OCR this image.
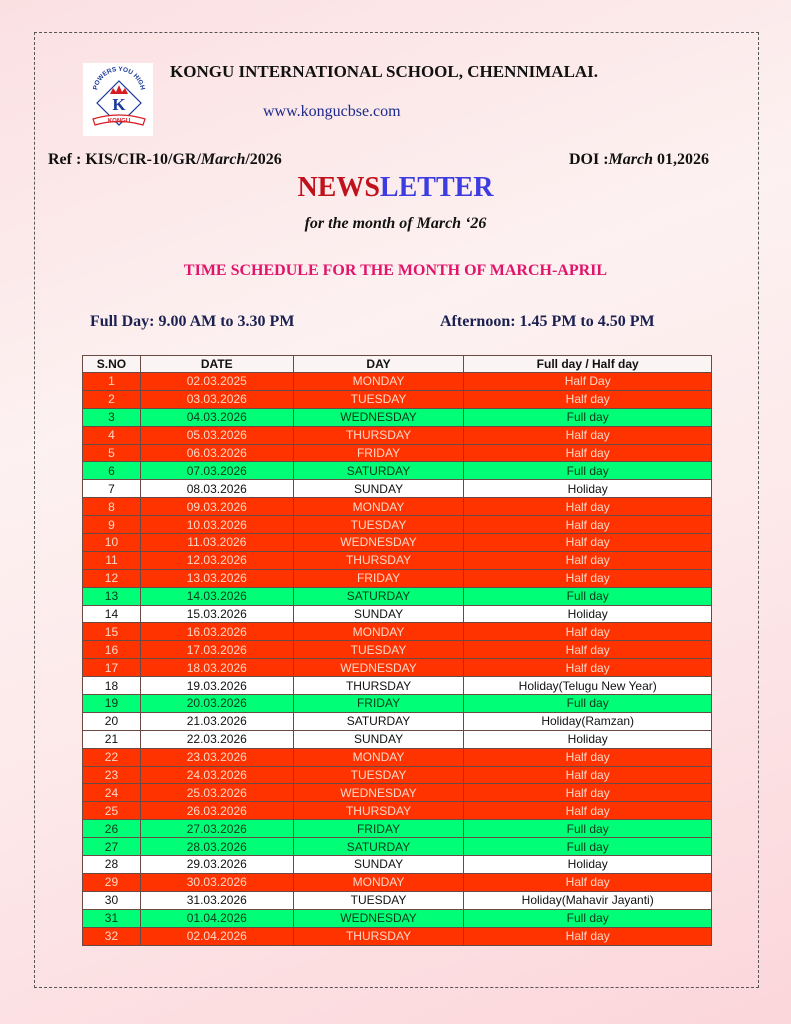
POWERS YOU HIGH
K
KONGU
KONGU INTERNATIONAL SCHOOL, CHENNIMALAI.
www.kongucbse.com
Ref : KIS/CIR-10/GR/March/2026	DOI :March 01,2026
NEWSLETTER
for the month of March ‘26
TIME SCHEDULE FOR THE MONTH OF MARCH-APRIL
Full Day: 9.00 AM to 3.30 PM	Afternoon: 1.45 PM to 4.50 PM
S.NO	DATE	DAY	Full day / Half day
1	02.03.2025	MONDAY	Half Day
2	03.03.2026	TUESDAY	Half day
3	04.03.2026	WEDNESDAY	Full day
4	05.03.2026	THURSDAY	Half day
5	06.03.2026	FRIDAY	Half day
6	07.03.2026	SATURDAY	Full day
7	08.03.2026	SUNDAY	Holiday
8	09.03.2026	MONDAY	Half day
9	10.03.2026	TUESDAY	Half day
10	11.03.2026	WEDNESDAY	Half day
11	12.03.2026	THURSDAY	Half day
12	13.03.2026	FRIDAY	Half day
13	14.03.2026	SATURDAY	Full day
14	15.03.2026	SUNDAY	Holiday
15	16.03.2026	MONDAY	Half day
16	17.03.2026	TUESDAY	Half day
17	18.03.2026	WEDNESDAY	Half day
18	19.03.2026	THURSDAY	Holiday(Telugu New Year)
19	20.03.2026	FRIDAY	Full day
20	21.03.2026	SATURDAY	Holiday(Ramzan)
21	22.03.2026	SUNDAY	Holiday
22	23.03.2026	MONDAY	Half day
23	24.03.2026	TUESDAY	Half day
24	25.03.2026	WEDNESDAY	Half day
25	26.03.2026	THURSDAY	Half day
26	27.03.2026	FRIDAY	Full day
27	28.03.2026	SATURDAY	Full day
28	29.03.2026	SUNDAY	Holiday
29	30.03.2026	MONDAY	Half day
30	31.03.2026	TUESDAY	Holiday(Mahavir Jayanti)
31	01.04.2026	WEDNESDAY	Full day
32	02.04.2026	THURSDAY	Half day
